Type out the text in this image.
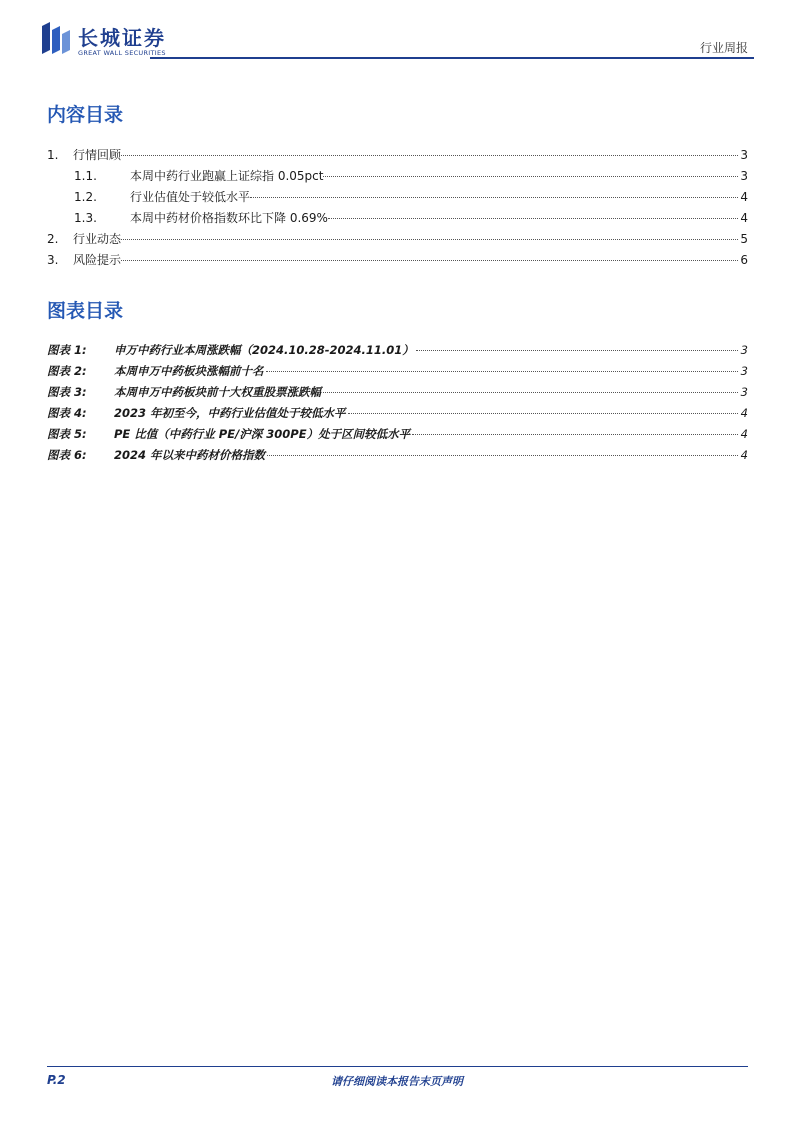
长城证券
GREAT WALL SECURITIES	行业周报
内容目录
1.	行情回顾	3
1.1.	本周中药行业跑赢上证综指 0.05pct	3
1.2.	行业估值处于较低水平	4
1.3.	本周中药材价格指数环比下降 0.69%	4
2.	行业动态	5
3.	风险提示	6
图表目录
图表 1:	申万中药行业本周涨跌幅（2024.10.28-2024.11.01）	3
图表 2:	本周申万中药板块涨幅前十名	3
图表 3:	本周申万中药板块前十大权重股票涨跌幅	3
图表 4:	2023 年初至今，中药行业估值处于较低水平	4
图表 5:	PE 比值（中药行业 PE/沪深 300PE）处于区间较低水平	4
图表 6:	2024 年以来中药材价格指数	4
P.2	请仔细阅读本报告末页声明
